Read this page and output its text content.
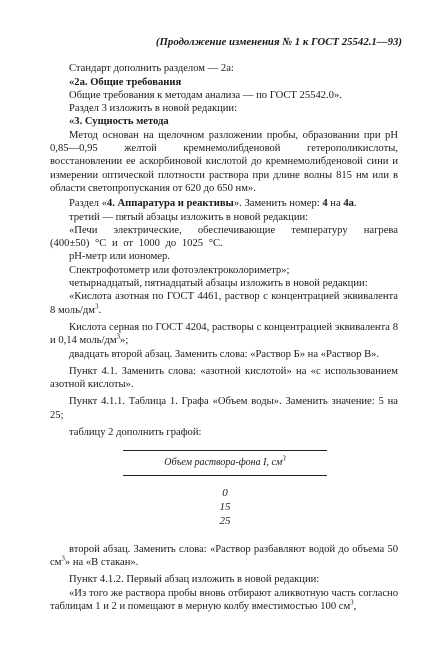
(Продолжение изменения № 1 к ГОСТ 25542.1—93)

Стандарт дополнить разделом — 2а:

«2а. Общие требования

Общие требования к методам анализа — по ГОСТ 25542.0».

Раздел 3 изложить в новой редакции:

«3. Сущность метода

Метод основан на щелочном разложении пробы, образовании при pH 0,85—0,95 желтой кремнемолибденовой гетерополикислоты, восстановлении ее аскорбиновой кислотой до кремнемолибденовой сини и измерении оптической плотности раствора при длине волны 815 нм или в области светопропускания от 620 до 650 нм».

Раздел «4. Аппаратура и реактивы». Заменить номер: 4 на 4а.

третий — пятый абзацы изложить в новой редакции:

«Печи электрические, обеспечивающие температуру нагрева (400±50) °С и от 1000 до 1025 °С.

pH-метр или иономер.

Спектрофотометр или фотоэлектроколориметр»;

четырнадцатый, пятнадцатый абзацы изложить в новой редакции:

«Кислота азотная по ГОСТ 4461, раствор с концентрацией эквивалента 8 моль/$дм^3$.

Кислота серная по ГОСТ 4204, растворы с концентрацией эквивалента 8 и 0,14 моль/$дм^3$»;

двадцать второй абзац. Заменить слова: «Раствор Б» на «Раствор В».

Пункт 4.1. Заменить слова: «азотной кислотой» на «с использованием азотной кислоты».

Пункт 4.1.1. Таблица 1. Графа «Объем воды». Заменить значение: 5 на 25;

таблицу 2 дополнить графой:

Объем раствора-фона I, $см^3$
0
15
25

второй абзац. Заменить слова: «Раствор разбавляют водой до объема 50 $см^3$» на «В стакан».

Пункт 4.1.2. Первый абзац изложить в новой редакции:

«Из того же раствора пробы вновь отбирают аликвотную часть согласно таблицам 1 и 2 и помещают в мерную колбу вместимостью 100 $см^3$,
